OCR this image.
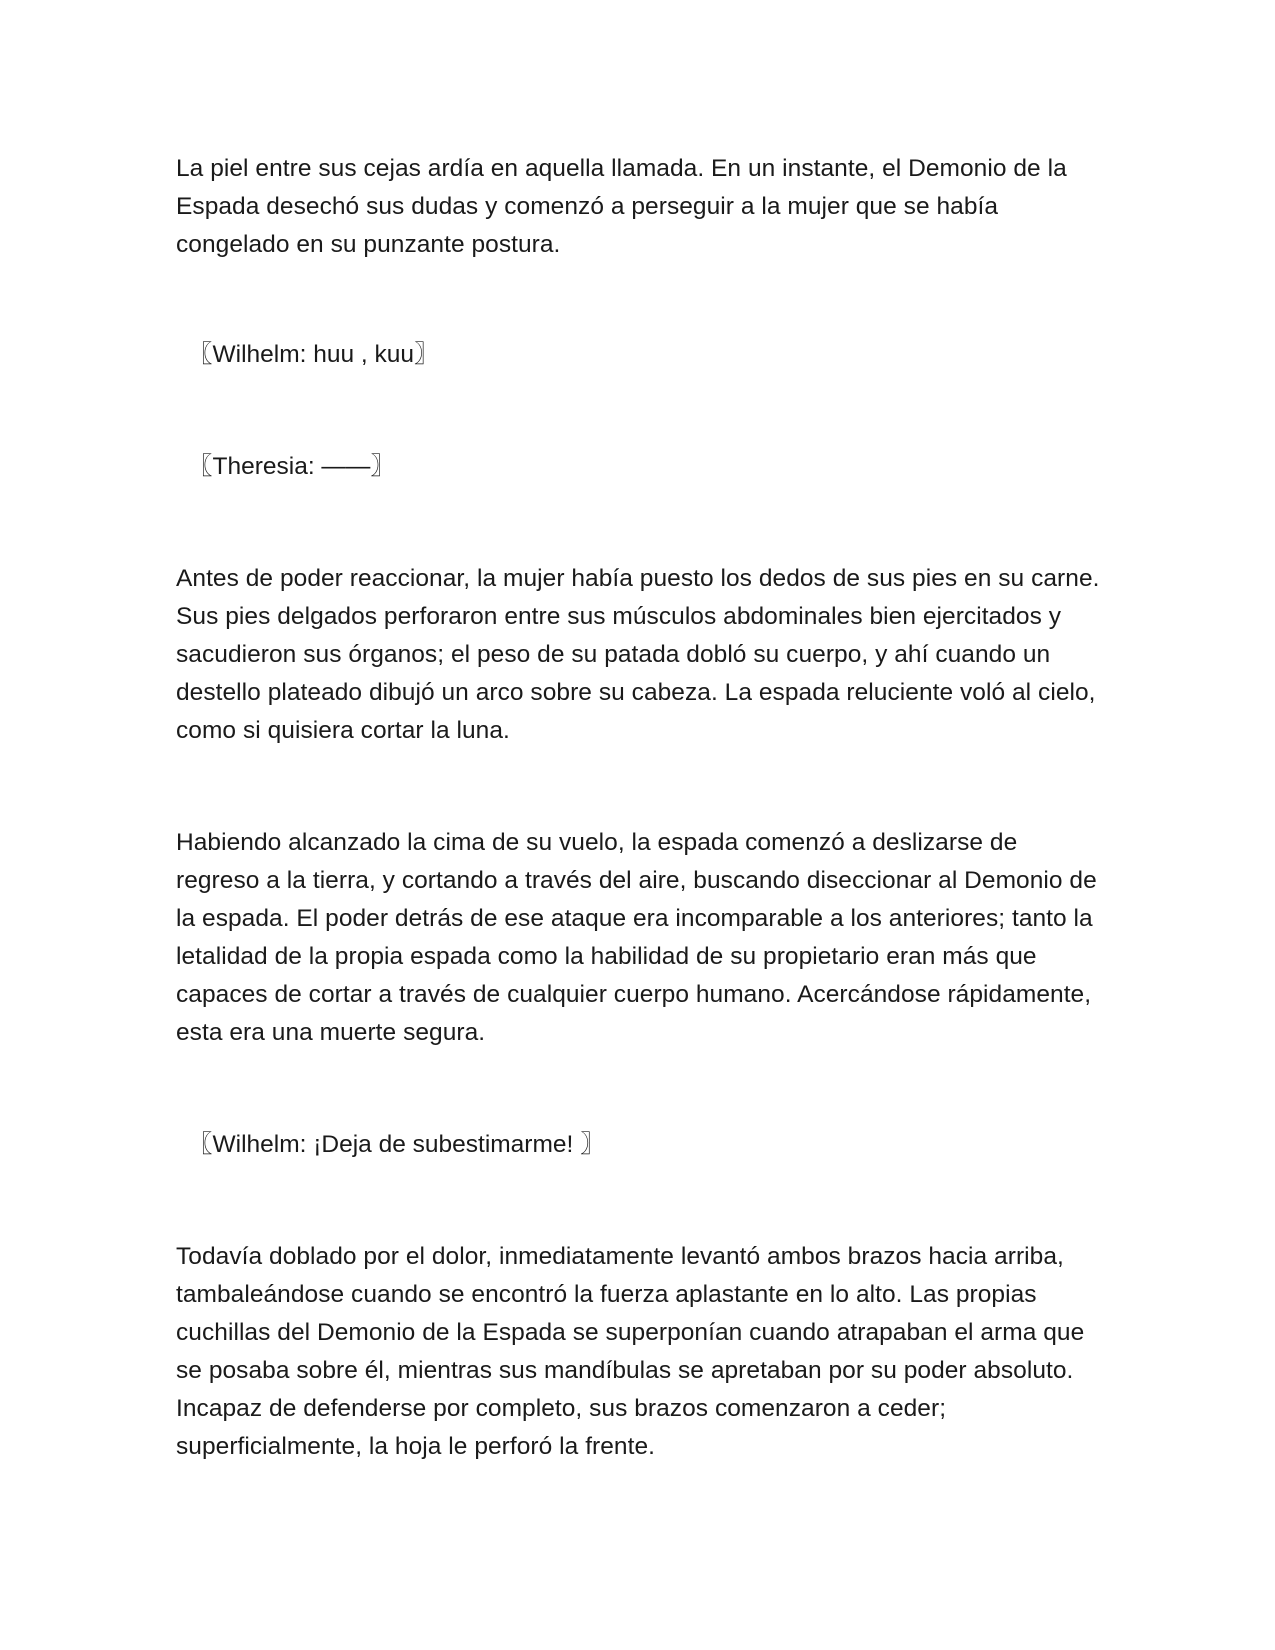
La piel entre sus cejas ardía en aquella llamada. En un instante, el Demonio de la Espada desechó sus dudas y comenzó a perseguir a la mujer que se había congelado en su punzante postura.

〖Wilhelm: huu , kuu〗

〖Theresia: ——〗

Antes de poder reaccionar, la mujer había puesto los dedos de sus pies en su carne. Sus pies delgados perforaron entre sus músculos abdominales bien ejercitados y sacudieron sus órganos; el peso de su patada dobló su cuerpo, y ahí cuando un destello plateado dibujó un arco sobre su cabeza. La espada reluciente voló al cielo, como si quisiera cortar la luna.

Habiendo alcanzado la cima de su vuelo, la espada comenzó a deslizarse de regreso a la tierra, y cortando a través del aire, buscando diseccionar al Demonio de la espada. El poder detrás de ese ataque era incomparable a los anteriores; tanto la letalidad de la propia espada como la habilidad de su propietario eran más que capaces de cortar a través de cualquier cuerpo humano. Acercándose rápidamente, esta era una muerte segura.

〖Wilhelm: ¡Deja de subestimarme! 〗

Todavía doblado por el dolor, inmediatamente levantó ambos brazos hacia arriba, tambaleándose cuando se encontró la fuerza aplastante en lo alto. Las propias cuchillas del Demonio de la Espada se superponían cuando atrapaban el arma que se posaba sobre él, mientras sus mandíbulas se apretaban por su poder absoluto. Incapaz de defenderse por completo, sus brazos comenzaron a ceder; superficialmente, la hoja le perforó la frente.
